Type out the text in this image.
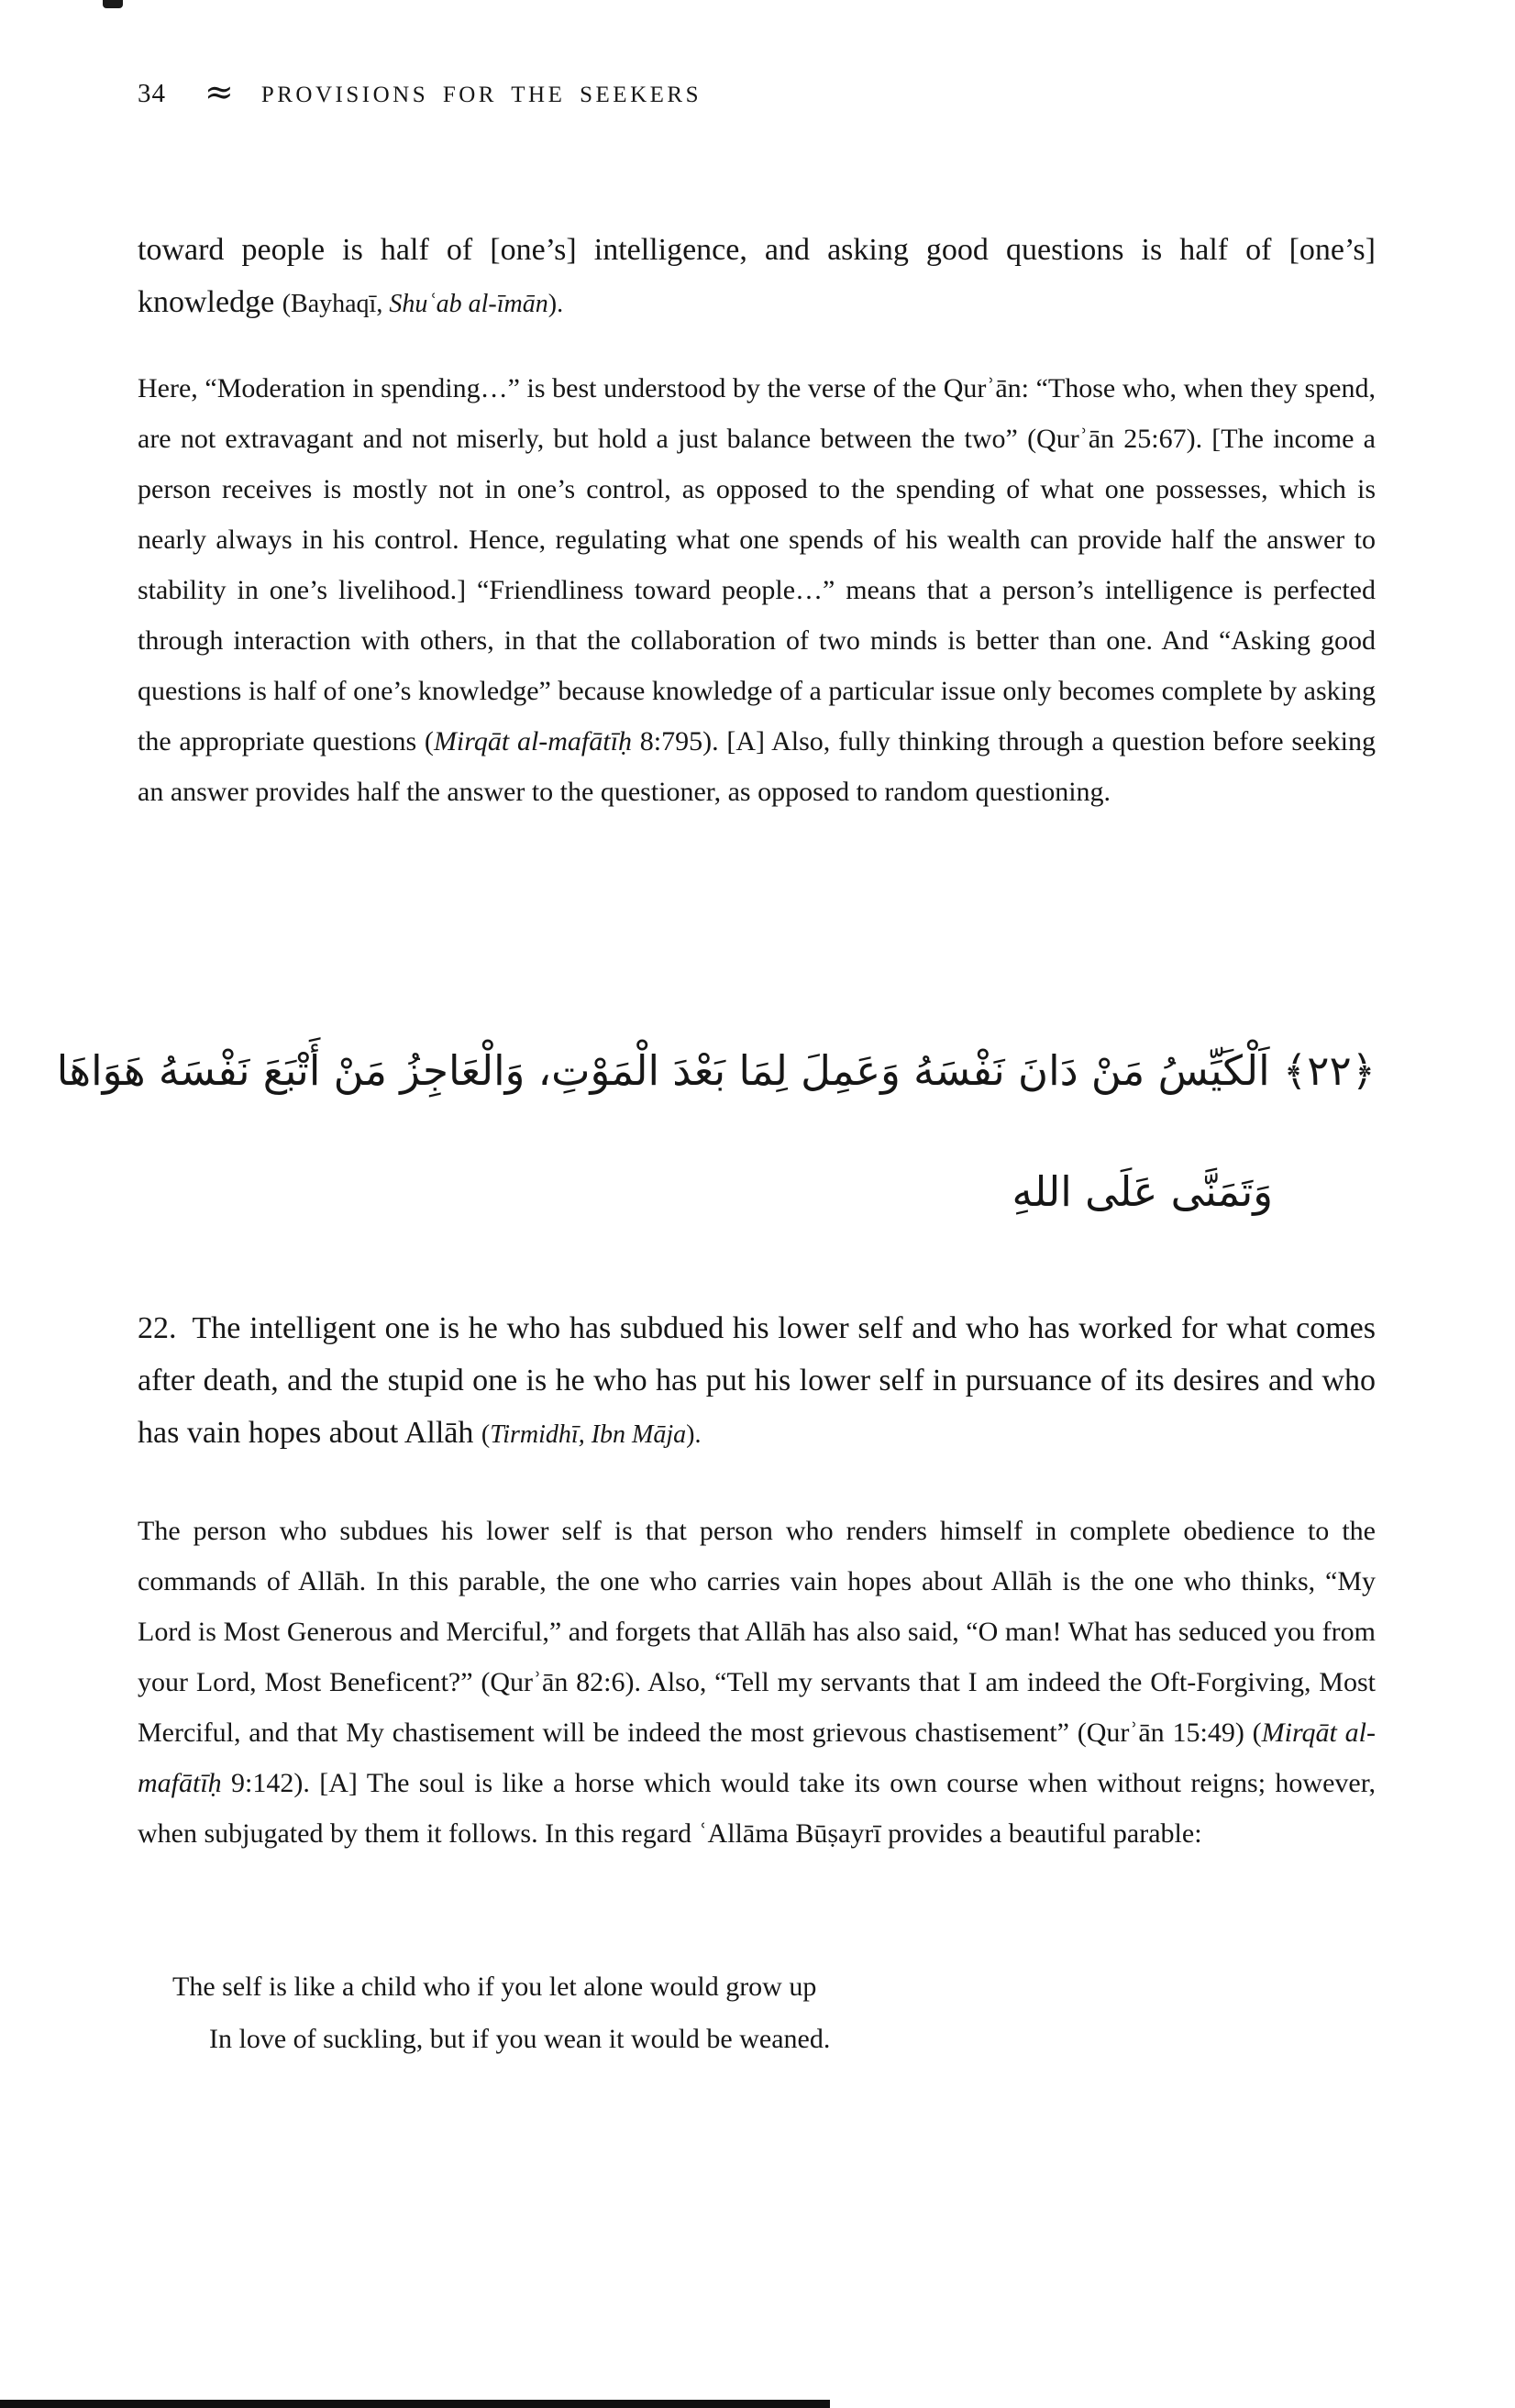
34 ≈ PROVISIONS FOR THE SEEKERS

toward people is half of [one’s] intelligence, and asking good questions is half of [one’s] knowledge (Bayhaqī, Shuʿab al-īmān).

Here, “Moderation in spending…” is best understood by the verse of the Qurʾān: “Those who, when they spend, are not extravagant and not miserly, but hold a just balance between the two” (Qurʾān 25:67). [The income a person receives is mostly not in one’s control, as opposed to the spending of what one possesses, which is nearly always in his control. Hence, regulating what one spends of his wealth can provide half the answer to stability in one’s livelihood.] “Friendliness toward people…” means that a person’s intelligence is perfected through interaction with others, in that the collaboration of two minds is better than one. And “Asking good questions is half of one’s knowledge” because knowledge of a particular issue only becomes complete by asking the appropriate questions (Mirqāt al-mafātīḥ 8:795). [A] Also, fully thinking through a question before seeking an answer provides half the answer to the questioner, as opposed to random questioning.

﴿٢٢﴾ اَلْكَيِّسُ مَنْ دَانَ نَفْسَهُ وَعَمِلَ لِمَا بَعْدَ الْمَوْتِ، وَالْعَاجِزُ مَنْ أَتْبَعَ نَفْسَهُ هَوَاهَا
وَتَمَنَّى عَلَى اللهِ

22. The intelligent one is he who has subdued his lower self and who has worked for what comes after death, and the stupid one is he who has put his lower self in pursuance of its desires and who has vain hopes about Allāh (Tirmidhī, Ibn Māja).

The person who subdues his lower self is that person who renders himself in complete obedience to the commands of Allāh. In this parable, the one who carries vain hopes about Allāh is the one who thinks, “My Lord is Most Generous and Merciful,” and forgets that Allāh has also said, “O man! What has seduced you from your Lord, Most Beneficent?” (Qurʾān 82:6). Also, “Tell my servants that I am indeed the Oft-Forgiving, Most Merciful, and that My chastisement will be indeed the most grievous chastisement” (Qurʾān 15:49) (Mirqāt al-mafātīḥ 9:142). [A] The soul is like a horse which would take its own course when without reigns; however, when subjugated by them it follows. In this regard ʿAllāma Būṣayrī provides a beautiful parable:

The self is like a child who if you let alone would grow up
In love of suckling, but if you wean it would be weaned.
